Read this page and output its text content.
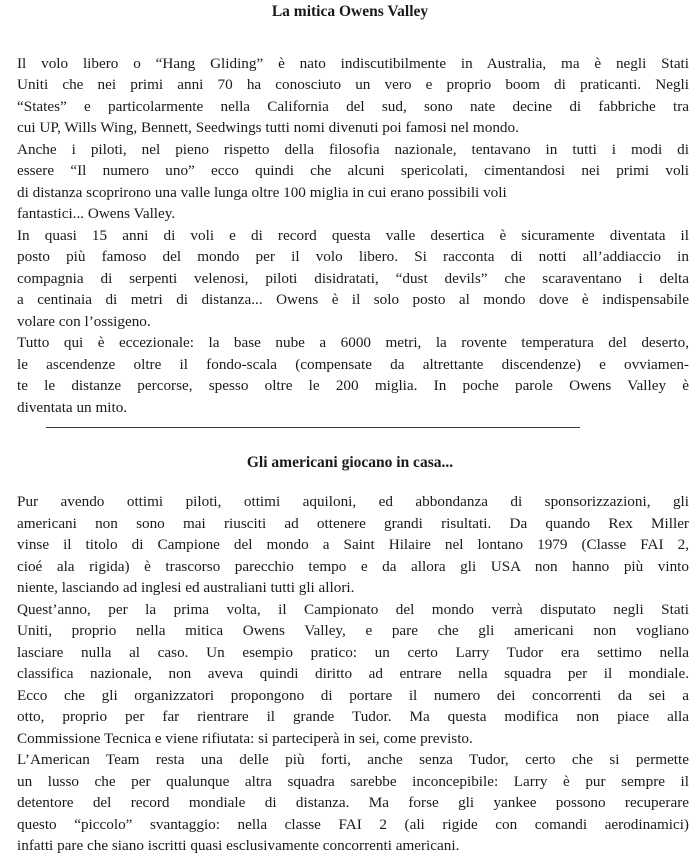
La mitica Owens Valley
Il volo libero o “Hang Gliding” è nato indiscutibilmente in Australia, ma è negli Stati
Uniti che nei primi anni 70 ha conosciuto un vero e proprio boom di praticanti. Negli
“States” e particolarmente nella California del sud, sono nate decine di fabbriche tra
cui UP, Wills Wing, Bennett, Seedwings tutti nomi divenuti poi famosi nel mondo.
Anche i piloti, nel pieno rispetto della filosofia nazionale, tentavano in tutti i modi di
essere “Il numero uno” ecco quindi che alcuni spericolati, cimentandosi nei primi voli
di distanza scoprirono una valle lunga oltre 100 miglia in cui erano possibili voli
fantastici... Owens Valley.
In quasi 15 anni di voli e di record questa valle desertica è sicuramente diventata il
posto più famoso del mondo per il volo libero. Si racconta di notti all’addiaccio in
compagnia di serpenti velenosi, piloti disidratati, “dust devils” che scaraventano i delta
a centinaia di metri di distanza... Owens è il solo posto al mondo dove è indispensabile
volare con l’ossigeno.
Tutto qui è eccezionale: la base nube a 6000 metri, la rovente temperatura del deserto,
le ascendenze oltre il fondo-scala (compensate da altrettante discendenze) e ovviamen-
te le distanze percorse, spesso oltre le 200 miglia. In poche parole Owens Valley è
diventata un mito.
Gli americani giocano in casa...
Pur avendo ottimi piloti, ottimi aquiloni, ed abbondanza di sponsorizzazioni, gli
americani non sono mai riusciti ad ottenere grandi risultati. Da quando Rex Miller
vinse il titolo di Campione del mondo a Saint Hilaire nel lontano 1979 (Classe FAI 2,
cioé ala rigida) è trascorso parecchio tempo e da allora gli USA non hanno più vinto
niente, lasciando ad inglesi ed australiani tutti gli allori.
Quest’anno, per la prima volta, il Campionato del mondo verrà disputato negli Stati
Uniti, proprio nella mitica Owens Valley, e pare che gli americani non vogliano
lasciare nulla al caso. Un esempio pratico: un certo Larry Tudor era settimo nella
classifica nazionale, non aveva quindi diritto ad entrare nella squadra per il mondiale.
Ecco che gli organizzatori propongono di portare il numero dei concorrenti da sei a
otto, proprio per far rientrare il grande Tudor. Ma questa modifica non piace alla
Commissione Tecnica e viene rifiutata: si parteciperà in sei, come previsto.
L’American Team resta una delle più forti, anche senza Tudor, certo che si permette
un lusso che per qualunque altra squadra sarebbe inconcepibile: Larry è pur sempre il
detentore del record mondiale di distanza. Ma forse gli yankee possono recuperare
questo “piccolo” svantaggio: nella classe FAI 2 (ali rigide con comandi aerodinamici)
infatti pare che siano iscritti quasi esclusivamente concorrenti americani.
